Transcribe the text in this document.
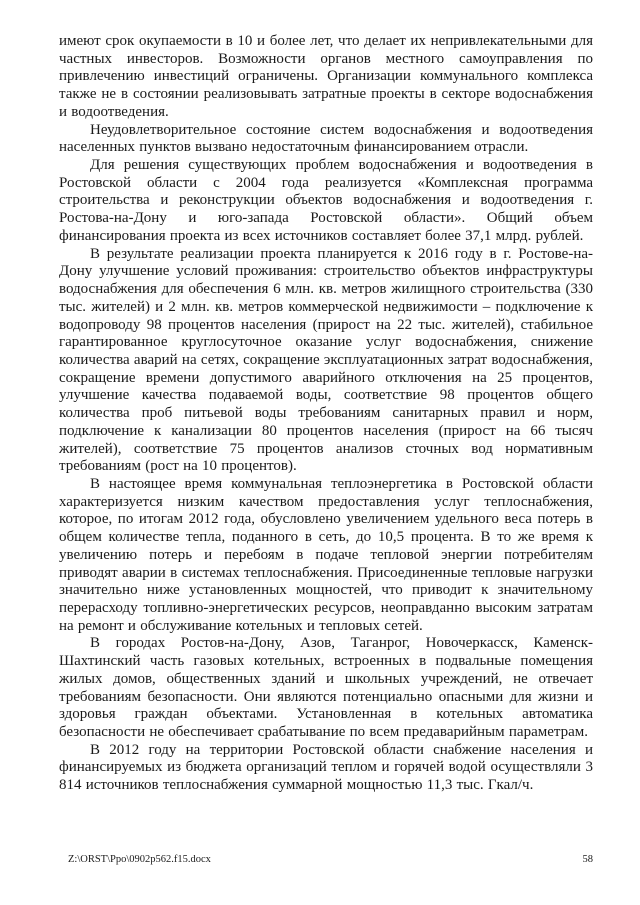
имеют срок окупаемости в 10 и более лет, что делает их непривлекательными для частных инвесторов. Возможности органов местного самоуправления по привлечению инвестиций ограничены. Организации коммунального комплекса также не в состоянии реализовывать затратные проекты в секторе водоснабжения и водоотведения.

Неудовлетворительное состояние систем водоснабжения и водоотведения населенных пунктов вызвано недостаточным финансированием отрасли.

Для решения существующих проблем водоснабжения и водоотведения в Ростовской области с 2004 года реализуется «Комплексная программа строительства и реконструкции объектов водоснабжения и водоотведения г. Ростова-на-Дону и юго-запада Ростовской области». Общий объем финансирования проекта из всех источников составляет более 37,1 млрд. рублей.

В результате реализации проекта планируется к 2016 году в г. Ростове-на-Дону улучшение условий проживания: строительство объектов инфраструктуры водоснабжения для обеспечения 6 млн. кв. метров жилищного строительства (330 тыс. жителей) и 2 млн. кв. метров коммерческой недвижимости – подключение к водопроводу 98 процентов населения (прирост на 22 тыс. жителей), стабильное гарантированное круглосуточное оказание услуг водоснабжения, снижение количества аварий на сетях, сокращение эксплуатационных затрат водоснабжения, сокращение времени допустимого аварийного отключения на 25 процентов, улучшение качества подаваемой воды, соответствие 98 процентов общего количества проб питьевой воды требованиям санитарных правил и норм, подключение к канализации 80 процентов населения (прирост на 66 тысяч жителей), соответствие 75 процентов анализов сточных вод нормативным требованиям (рост на 10 процентов).

В настоящее время коммунальная теплоэнергетика в Ростовской области характеризуется низким качеством предоставления услуг теплоснабжения, которое, по итогам 2012 года, обусловлено увеличением удельного веса потерь в общем количестве тепла, поданного в сеть, до 10,5 процента. В то же время к увеличению потерь и перебоям в подаче тепловой энергии потребителям приводят аварии в системах теплоснабжения. Присоединенные тепловые нагрузки значительно ниже установленных мощностей, что приводит к значительному перерасходу топливно-энергетических ресурсов, неоправданно высоким затратам на ремонт и обслуживание котельных и тепловых сетей.

В городах Ростов-на-Дону, Азов, Таганрог, Новочеркасск, Каменск-Шахтинский часть газовых котельных, встроенных в подвальные помещения жилых домов, общественных зданий и школьных учреждений, не отвечает требованиям безопасности. Они являются потенциально опасными для жизни и здоровья граждан объектами. Установленная в котельных автоматика безопасности не обеспечивает срабатывание по всем предаварийным параметрам.

В 2012 году на территории Ростовской области снабжение населения и финансируемых из бюджета организаций теплом и горячей водой осуществляли 3 814 источников теплоснабжения суммарной мощностью 11,3 тыс. Гкал/ч.

Z:\ORST\Ppo\0902p562.f15.docx	58
